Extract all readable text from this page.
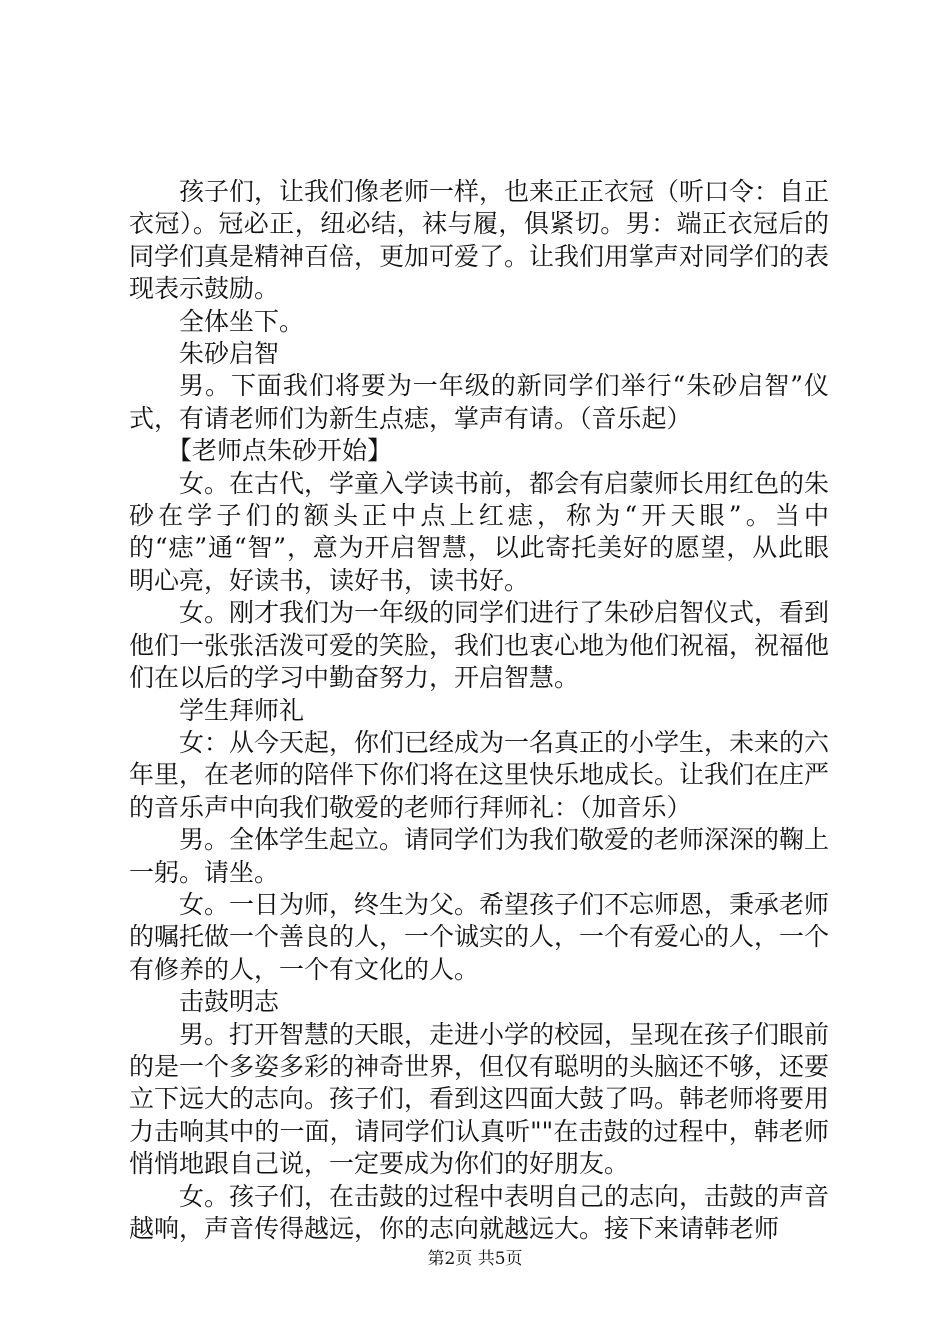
孩子们，让我们像老师一样，也来正正衣冠（听口令：自正衣冠）。冠必正，纽必结，袜与履，俱紧切。男：端正衣冠后的同学们真是精神百倍，更加可爱了。让我们用掌声对同学们的表现表示鼓励。

全体坐下。

朱砂启智

男。下面我们将要为一年级的新同学们举行“朱砂启智”仪式，有请老师们为新生点痣，掌声有请。（音乐起）

【老师点朱砂开始】

女。在古代，学童入学读书前，都会有启蒙师长用红色的朱砂在学子们的额头正中点上红痣，称为“开天眼”。当中的“痣”通“智”，意为开启智慧，以此寄托美好的愿望，从此眼明心亮，好读书，读好书，读书好。

女。刚才我们为一年级的同学们进行了朱砂启智仪式，看到他们一张张活泼可爱的笑脸，我们也衷心地为他们祝福，祝福他们在以后的学习中勤奋努力，开启智慧。

学生拜师礼

女：从今天起，你们已经成为一名真正的小学生，未来的六年里，在老师的陪伴下你们将在这里快乐地成长。让我们在庄严的音乐声中向我们敬爱的老师行拜师礼：（加音乐）

男。全体学生起立。请同学们为我们敬爱的老师深深的鞠上一躬。请坐。

女。一日为师，终生为父。希望孩子们不忘师恩，秉承老师的嘱托做一个善良的人，一个诚实的人，一个有爱心的人，一个有修养的人，一个有文化的人。

击鼓明志

男。打开智慧的天眼，走进小学的校园，呈现在孩子们眼前的是一个多姿多彩的神奇世界，但仅有聪明的头脑还不够，还要立下远大的志向。孩子们，看到这四面大鼓了吗。韩老师将要用力击响其中的一面，请同学们认真听""在击鼓的过程中，韩老师悄悄地跟自己说，一定要成为你们的好朋友。

女。孩子们，在击鼓的过程中表明自己的志向，击鼓的声音越响，声音传得越远，你的志向就越远大。接下来请韩老师

第2页 共5页
